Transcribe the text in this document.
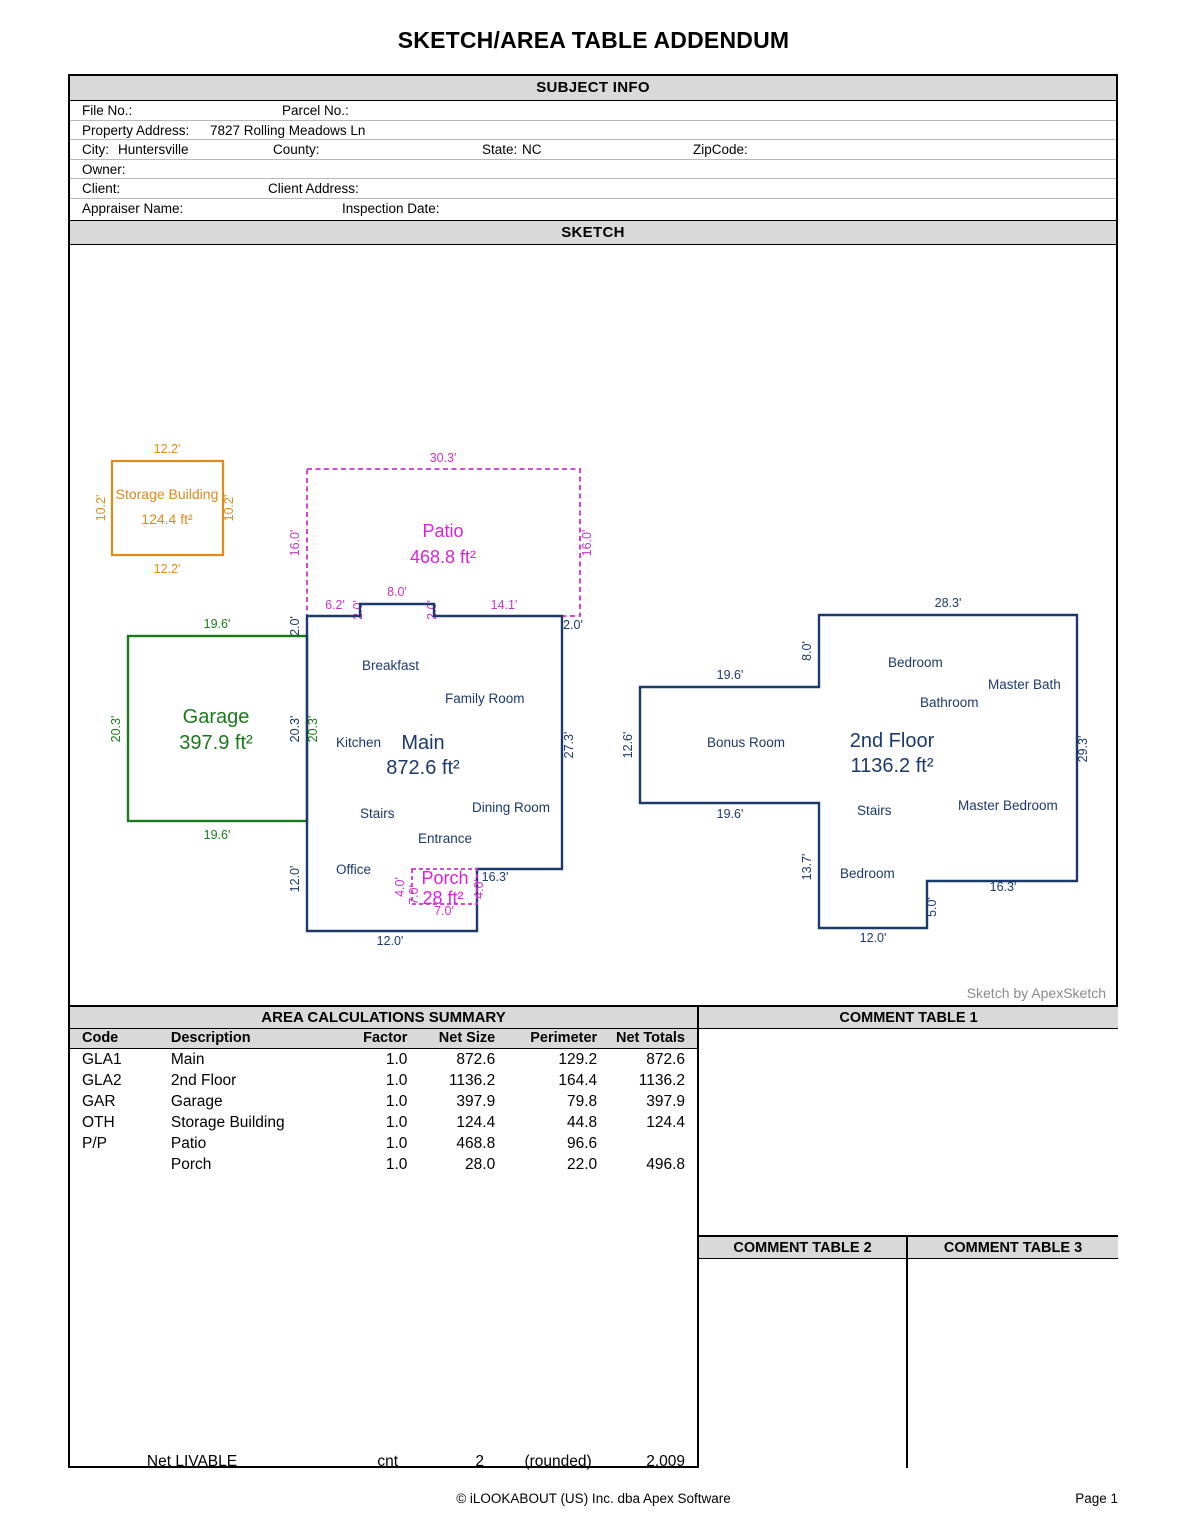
SKETCH/AREA TABLE ADDENDUM
SUBJECT INFO
File No.:	Parcel No.:
Property Address: 7827 Rolling Meadows Ln
City: Huntersville	County:	State: NC	ZipCode:
Owner:
Client:	Client Address:
Appraiser Name:	Inspection Date:
SKETCH
12.2'
12.2'
10.2'	10.2'
Storage Building
124.4 ft²
19.6'
19.6'
20.3'	20.3'
Garage
397.9 ft²
30.3'
16.0'	16.0'
6.2' 2.0'
8.0'
2.0'	14.1'
Patio
468.8 ft²
2.0'
20.3'
12.0'
12.0'
27.3'
2.0'
Main
872.6 ft²
Breakfast
Family Room
Kitchen
Stairs	Dining Room
Entrance
Office
4.0' 7.0'	4.0'
7.0'
16.3'
Porch
28 ft²
28.3'
8.0'
19.6'
12.6'
19.6'
13.7'
12.0'
5.0'
16.3'
29.3'
2nd Floor
1136.2 ft²
Bedroom
Master Bath
Bathroom
Bonus Room
Stairs	Master Bedroom
Bedroom
Sketch by ApexSketch
AREA CALCULATIONS SUMMARY
Code	Description	Factor	Net Size	Perimeter	Net Totals
GLA1	Main	1.0	872.6	129.2	872.6
GLA2	2nd Floor	1.0	1136.2	164.4	1136.2
GAR	Garage	1.0	397.9	79.8	397.9
OTH	Storage Building	1.0	124.4	44.8	124.4
P/P	Patio	1.0	468.8	96.6	
	Porch	1.0	28.0	22.0	496.8
	Net LIVABLE	cnt	2	(rounded)	2,009
COMMENT TABLE 1
COMMENT TABLE 2	COMMENT TABLE 3
© iLOOKABOUT (US) Inc. dba Apex Software	Page 1
